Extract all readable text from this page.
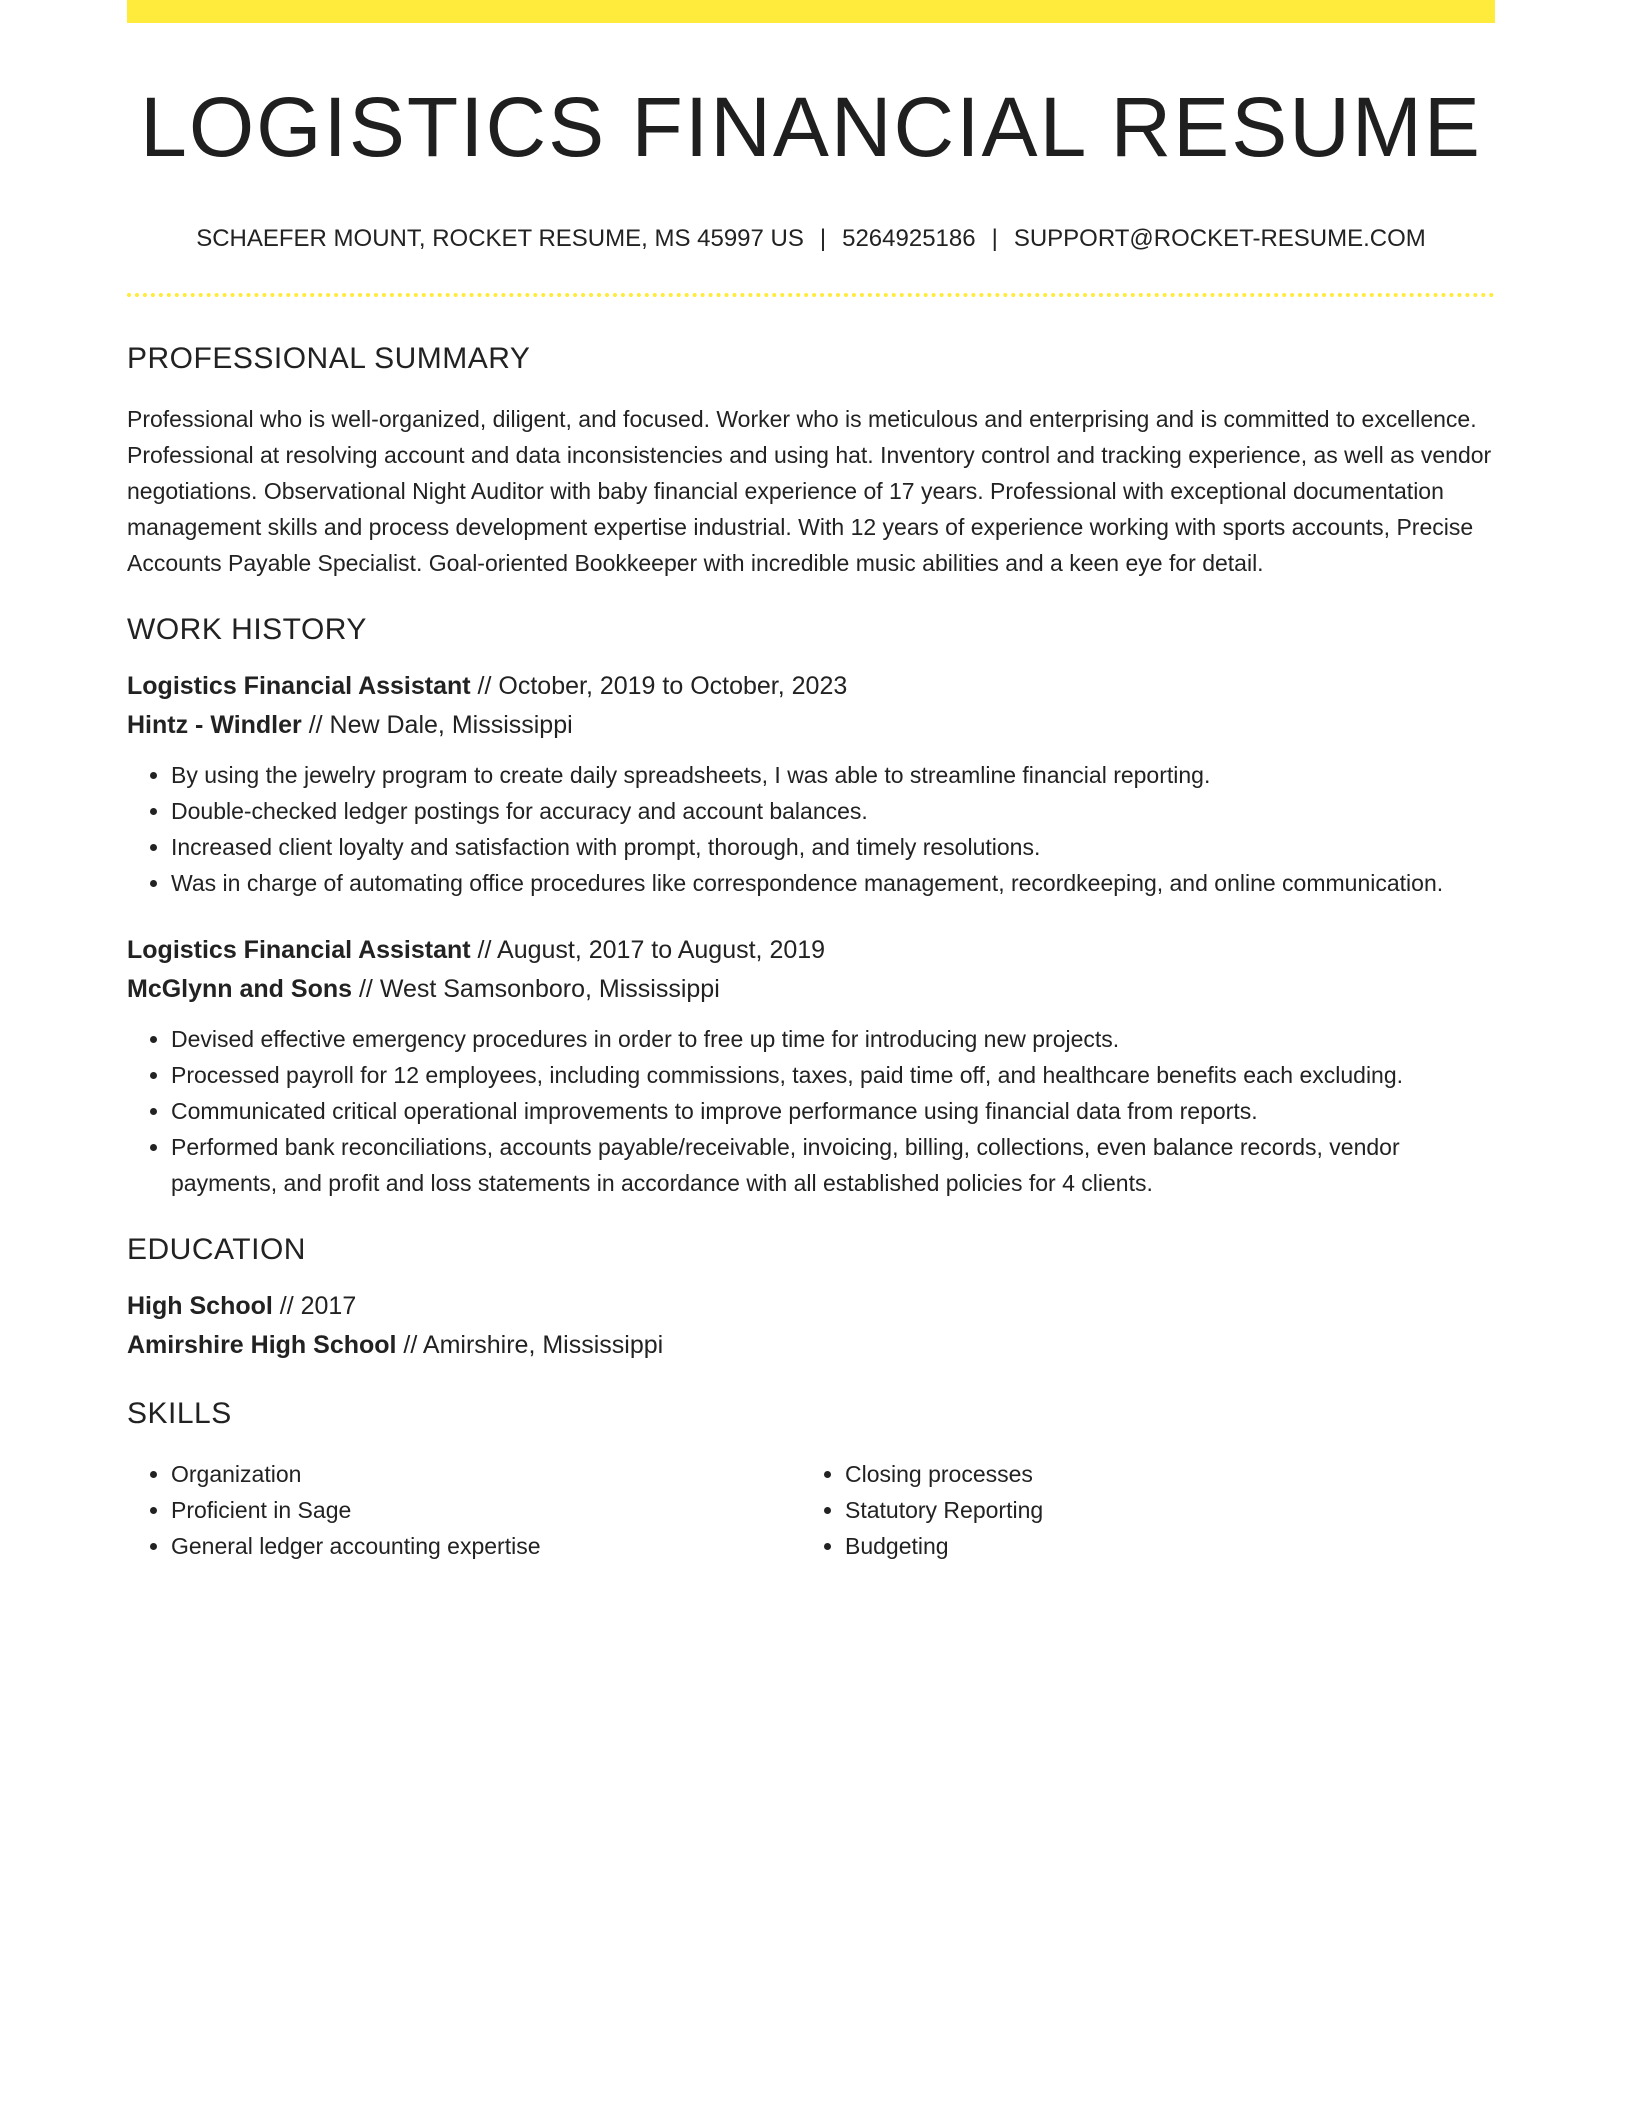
LOGISTICS FINANCIAL RESUME
SCHAEFER MOUNT, ROCKET RESUME, MS 45997 US | 5264925186 | SUPPORT@ROCKET-RESUME.COM
PROFESSIONAL SUMMARY

Professional who is well-organized, diligent, and focused. Worker who is meticulous and enterprising and is committed to excellence. Professional at resolving account and data inconsistencies and using hat. Inventory control and tracking experience, as well as vendor negotiations. Observational Night Auditor with baby financial experience of 17 years. Professional with exceptional documentation management skills and process development expertise industrial. With 12 years of experience working with sports accounts, Precise Accounts Payable Specialist. Goal-oriented Bookkeeper with incredible music abilities and a keen eye for detail.

WORK HISTORY

Logistics Financial Assistant // October, 2019 to October, 2023

Hintz - Windler // New Dale, Mississippi

• By using the jewelry program to create daily spreadsheets, I was able to streamline financial reporting.
• Double-checked ledger postings for accuracy and account balances.
• Increased client loyalty and satisfaction with prompt, thorough, and timely resolutions.
• Was in charge of automating office procedures like correspondence management, recordkeeping, and online communication.

Logistics Financial Assistant // August, 2017 to August, 2019

McGlynn and Sons // West Samsonboro, Mississippi

• Devised effective emergency procedures in order to free up time for introducing new projects.
• Processed payroll for 12 employees, including commissions, taxes, paid time off, and healthcare benefits each excluding.
• Communicated critical operational improvements to improve performance using financial data from reports.
• Performed bank reconciliations, accounts payable/receivable, invoicing, billing, collections, even balance records, vendor payments, and profit and loss statements in accordance with all established policies for 4 clients.
EDUCATION

High School // 2017

Amirshire High School // Amirshire, Mississippi

SKILLS
• Organization
• Proficient in Sage
• General ledger accounting expertise
• Closing processes
• Statutory Reporting
• Budgeting
